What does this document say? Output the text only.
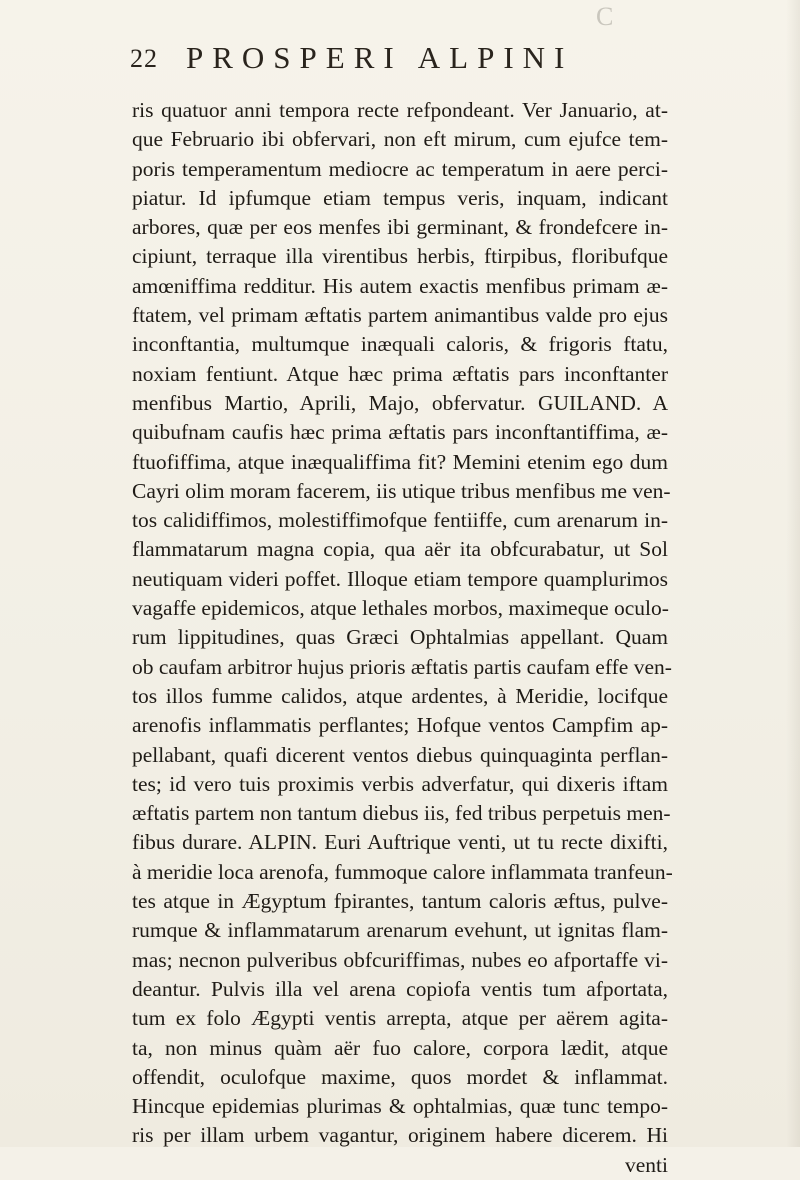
C
22 PROSPERI ALPINI
ris quatuor anni tempora recte refpondeant. Ver Januario, at-
que Februario ibi obfervari, non eft mirum, cum ejufce tem-
poris temperamentum mediocre ac temperatum in aere perci-
piatur. Id ipfumque etiam tempus veris, inquam, indicant
arbores, quæ per eos menfes ibi germinant, & frondefcere in-
cipiunt, terraque illa virentibus herbis, ftirpibus, floribufque
amœniffima redditur. His autem exactis menfibus primam æ-
ftatem, vel primam æftatis partem animantibus valde pro ejus
inconftantia, multumque inæquali caloris, & frigoris ftatu,
noxiam fentiunt. Atque hæc prima æftatis pars inconftanter
menfibus Martio, Aprili, Majo, obfervatur. GUILAND. A
quibufnam caufis hæc prima æftatis pars inconftantiffima, æ-
ftuofiffima, atque inæqualiffima fit? Memini etenim ego dum
Cayri olim moram facerem, iis utique tribus menfibus me ven-
tos calidiffimos, molestiffimofque fentiiffe, cum arenarum in-
flammatarum magna copia, qua aër ita obfcurabatur, ut Sol
neutiquam videri poffet. Illoque etiam tempore quamplurimos
vagaffe epidemicos, atque lethales morbos, maximeque oculo-
rum lippitudines, quas Græci Ophtalmias appellant. Quam
ob caufam arbitror hujus prioris æftatis partis caufam effe ven-
tos illos fumme calidos, atque ardentes, à Meridie, locifque
arenofis inflammatis perflantes; Hofque ventos Campfim ap-
pellabant, quafi dicerent ventos diebus quinquaginta perflan-
tes; id vero tuis proximis verbis adverfatur, qui dixeris iftam
æftatis partem non tantum diebus iis, fed tribus perpetuis men-
fibus durare. ALPIN. Euri Auftrique venti, ut tu recte dixifti,
à meridie loca arenofa, fummoque calore inflammata tranfeun-
tes atque in Ægyptum fpirantes, tantum caloris æftus, pulve-
rumque & inflammatarum arenarum evehunt, ut ignitas flam-
mas; necnon pulveribus obfcuriffimas, nubes eo afportaffe vi-
deantur. Pulvis illa vel arena copiofa ventis tum afportata,
tum ex folo Ægypti ventis arrepta, atque per aërem agita-
ta, non minus quàm aër fuo calore, corpora lædit, atque
offendit, oculofque maxime, quos mordet & inflammat.
Hincque epidemias plurimas & ophtalmias, quæ tunc tempo-
ris per illam urbem vagantur, originem habere dicerem. Hi
venti
